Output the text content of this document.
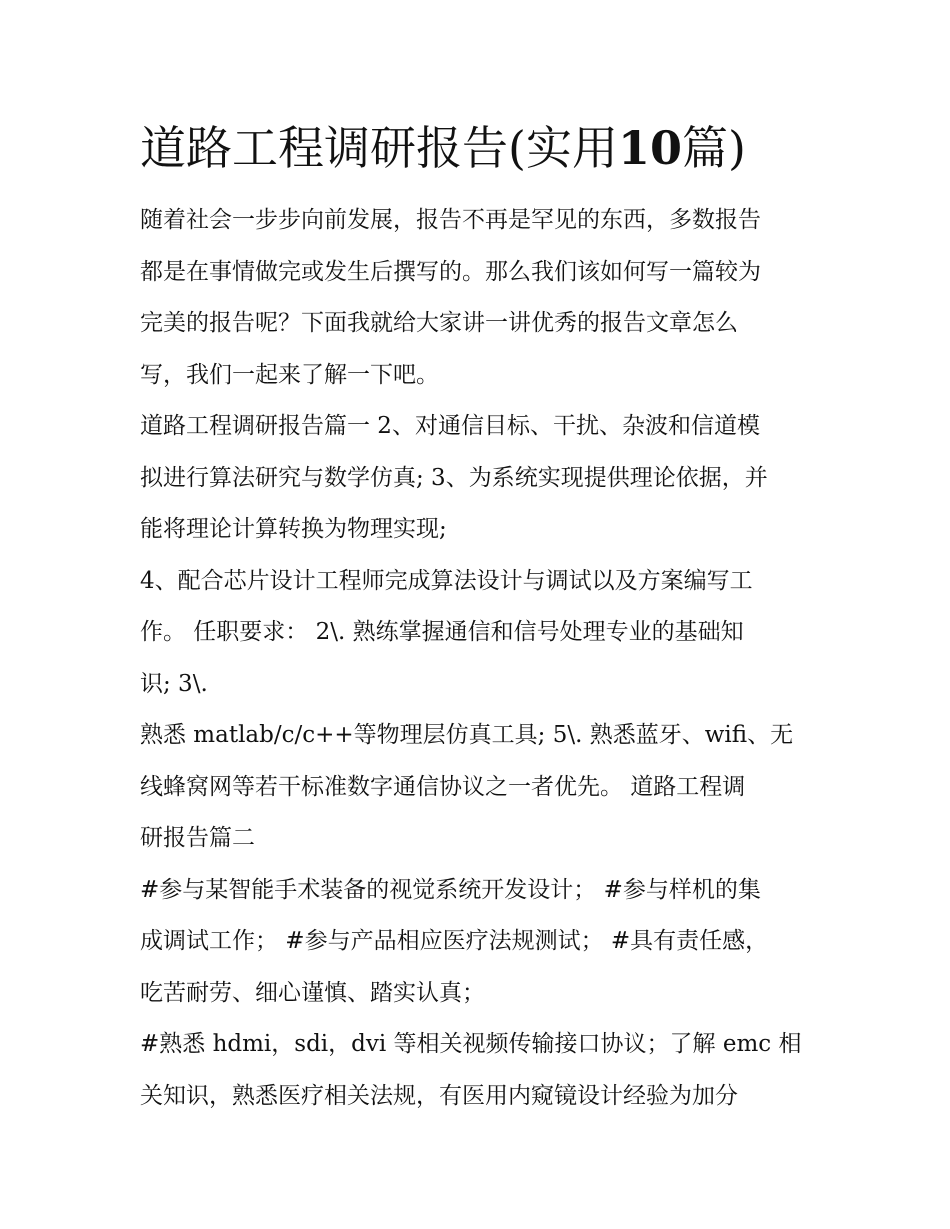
道路工程调研报告(实用10篇)

随着社会一步步向前发展，报告不再是罕见的东西，多数报告
都是在事情做完或发生后撰写的。那么我们该如何写一篇较为
完美的报告呢？下面我就给大家讲一讲优秀的报告文章怎么
写，我们一起来了解一下吧。

道路工程调研报告篇一 2、对通信目标、干扰、杂波和信道模
拟进行算法研究与数学仿真; 3、为系统实现提供理论依据，并
能将理论计算转换为物理实现;

4、配合芯片设计工程师完成算法设计与调试以及方案编写工
作。 任职要求： 2\. 熟练掌握通信和信号处理专业的基础知
识; 3\.

熟悉 matlab/c/c++等物理层仿真工具; 5\. 熟悉蓝牙、wifi、无
线蜂窝网等若干标准数字通信协议之一者优先。 道路工程调
研报告篇二

#参与某智能手术装备的视觉系统开发设计； #参与样机的集
成调试工作； #参与产品相应医疗法规测试； #具有责任感，
吃苦耐劳、细心谨慎、踏实认真；

#熟悉 hdmi，sdi，dvi 等相关视频传输接口协议；了解 emc 相
关知识，熟悉医疗相关法规，有医用内窥镜设计经验为加分
